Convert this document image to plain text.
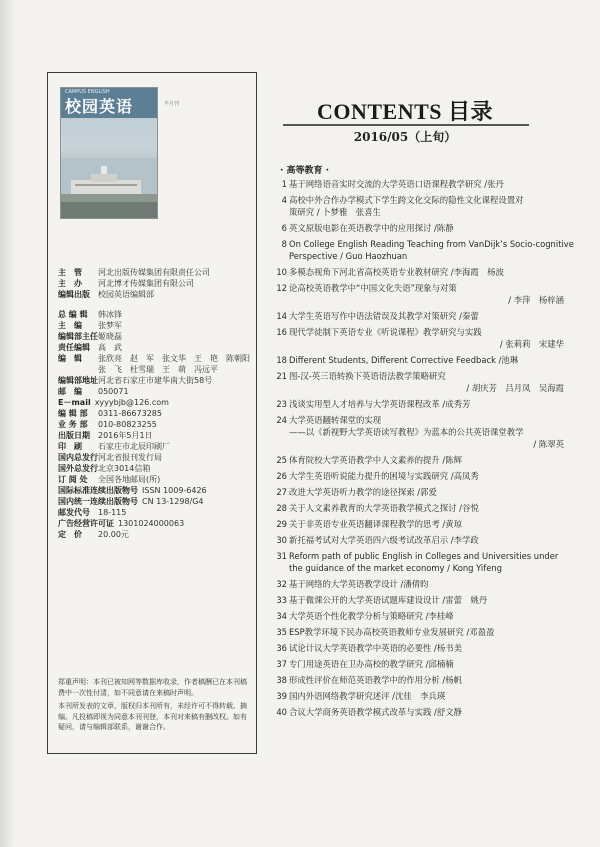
CAMPUS ENGLISH
校园英语	半月刊
主　管	河北出版传媒集团有限责任公司
主　办	河北博才传媒集团有限公司
编辑出版	校园英语编辑部
总 编 辑	韩冰锋
主　编	张梦军
编辑部主任 姬晓磊
责任编辑	高　武
编　辑	张欣亮　赵　军　张文华　王　艳　陈朝阳
张　飞　杜雪瑞　王　萌　冯远平
编辑部地址 河北省石家庄市建华南大街58号
邮　编	050071
E－mail xyyybjb@126.com
编 辑 部	0311-86673285
业 务 部	010-80823255
出版日期	2016年5月1日
印　刷	石家庄市北辰印刷厂
国内总发行 河北省报刊发行局
国外总发行 北京3014信箱
订 阅 处	全国各地邮局(所)
国际标准连续出版物号 ISSN 1009-6426
国内统一连续出版物号 CN 13-1298/G4
邮发代号	18-115
广告经营许可证 1301024000063
定　价	20.00元

郑重声明：本刊已被知网等数据库收录，作者稿酬已在本刊稿费中一次性付清，如不同意请在来稿时声明。

本刊所发表的文章，版权归本刊所有，未经许可不得转载、摘编。凡投稿即视为同意本刊刊登，本刊对来稿有删改权。如有疑问，请与编辑部联系，谢谢合作。

CONTENTS 目录
2016/05（上旬）
· 高等教育 ·
1 基于网络语音实时交流的大学英语口语课程教学研究 / 张丹
4 高校中外合作办学模式下学生跨文化交际的隐性文化课程设置对
策研究 / 卜梦雅　张喜生
6 英文原版电影在英语教学中的应用探讨 / 陈静
8 On College English Reading Teaching from VanDijk’s Socio-cognitive
Perspective / Guo Haozhuan
10 多模态视角下河北省高校英语专业教材研究 / 李海霞　杨波
12 论高校英语教学中“中国文化失语”现象与对策
/ 李萍　杨梓涵
14 大学生英语写作中语法错误及其教学对策研究 / 秦蕾
16 现代学徒制下英语专业《听说课程》教学研究与实践
/ 张莉莉　宋建华
18 Different Students, Different Corrective Feedback / 池琳
21 图-汉-英三语转换下英语语法教学策略研究
/ 胡庆芳　吕月凤　吴海霞
23 浅谈实用型人才培养与大学英语课程改革 / 成秀芳
24 大学英语翻转课堂的实现
——以《新视野大学英语读写教程》为蓝本的公共英语课堂教学
/ 陈翠英
25 体育院校大学英语教学中人文素养的提升 / 陈辉
26 大学生英语听说能力提升的困境与实践研究 / 高凤秀
27 改进大学英语听力教学的途径探索 / 郭爱
28 关于人文素养教育的大学英语教学模式之探讨 / 谷悦
29 关于非英语专业英语翻译课程教学的思考 / 黄琼
30 新托福考试对大学英语四六级考试改革启示 / 李学政
31 Reform path of public English in Colleges and Universities under
the guidance of the market economy / Kong Yifeng
32 基于网络的大学英语教学设计 / 潘倩昀
33 基于微课公开的大学英语试题库建设设计 / 雷蕾　姚丹
34 大学英语个性化教学分析与策略研究 / 李桂峰
35 ESP教学环境下民办高校英语教师专业发展研究 / 邓盈盈
36 试论计议大学英语教学中英语的必要性 / 杨书美
37 专门用途英语在卫办高校的教学研究 / 邱楠楠
38 形成性评价在师范英语教学中的作用分析 / 杨帆
39 国内外语网络教学研究述评 / 沈佳　李兵瑛
40 合议大学商务英语教学模式改革与实践 / 舒文静
